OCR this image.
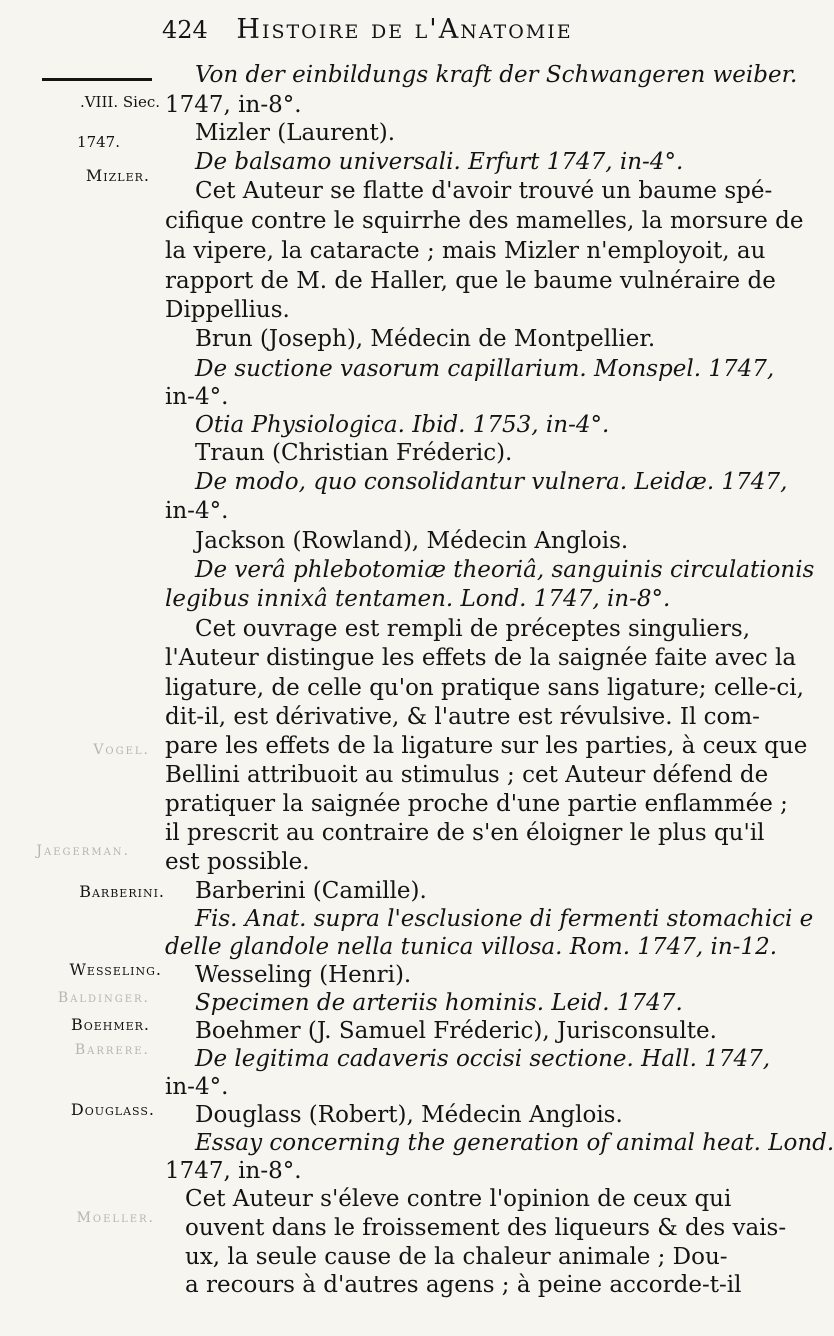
424 Histoire de l'Anatomie
.VIII. Siec.
1747.
Mizler.
Vogel.
Jaegerman.
Barberini.
Wesseling.
Baldinger.
Boehmer.
Barrere.
Douglass.
Moeller.
Von der einbildungs kraft der Schwangeren weiber.
1747, in-8°.
Mizler (Laurent).
De balsamo universali. Erfurt 1747, in-4°.
Cet Auteur se flatte d'avoir trouvé un baume spé-
cifique contre le squirrhe des mamelles, la morsure de
la vipere, la cataracte ; mais Mizler n'employoit, au
rapport de M. de Haller, que le baume vulnéraire de
Dippellius.
Brun (Joseph), Médecin de Montpellier.
De suctione vasorum capillarium. Monspel. 1747,
in-4°.
Otia Physiologica. Ibid. 1753, in-4°.
Traun (Christian Fréderic).
De modo, quo consolidantur vulnera. Leidæ. 1747,
in-4°.
Jackson (Rowland), Médecin Anglois.
De verâ phlebotomiæ theoriâ, sanguinis circulationis
legibus innixâ tentamen. Lond. 1747, in-8°.
Cet ouvrage est rempli de préceptes singuliers,
l'Auteur distingue les effets de la saignée faite avec la
ligature, de celle qu'on pratique sans ligature; celle-ci,
dit-il, est dérivative, & l'autre est révulsive. Il com-
pare les effets de la ligature sur les parties, à ceux que
Bellini attribuoit au stimulus ; cet Auteur défend de
pratiquer la saignée proche d'une partie enflammée ;
il prescrit au contraire de s'en éloigner le plus qu'il
est possible.
Barberini (Camille).
Fis. Anat. supra l'esclusione di fermenti stomachici e
delle glandole nella tunica villosa. Rom. 1747, in-12.
Wesseling (Henri).
Specimen de arteriis hominis. Leid. 1747.
Boehmer (J. Samuel Fréderic), Jurisconsulte.
De legitima cadaveris occisi sectione. Hall. 1747,
in-4°.
Douglass (Robert), Médecin Anglois.
Essay concerning the generation of animal heat. Lond.
1747, in-8°.
Cet Auteur s'éleve contre l'opinion de ceux qui
ouvent dans le froissement des liqueurs & des vais-
ux, la seule cause de la chaleur animale ; Dou-
a recours à d'autres agens ; à peine accorde-t-il
